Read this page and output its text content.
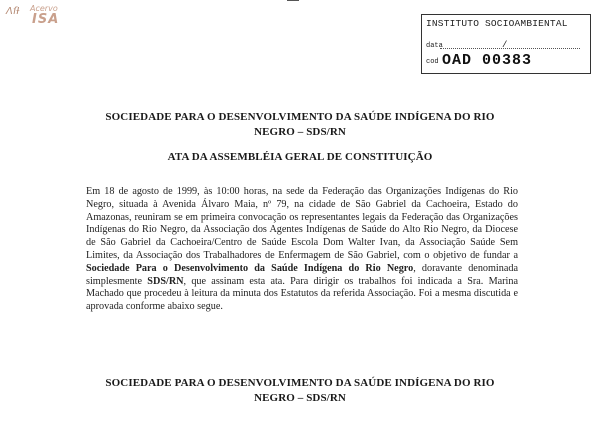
ɅſƗ Acervo
ISA	INSTITUTO SOCIOAMBIENTAL
data	/
cod OAD 00383
SOCIEDADE PARA O DESENVOLVIMENTO DA SAÚDE INDÍGENA DO RIO
NEGRO – SDS/RN
ATA DA ASSEMBLÉIA GERAL DE CONSTITUIÇÃO
Em 18 de agosto de 1999, às 10:00 horas, na sede da Federação das Organizações Indígenas do Rio Negro, situada à Avenida Álvaro Maia, nº 79, na cidade de São Gabriel da Cachoeira, Estado do Amazonas, reuniram se em primeira convocação os representantes legais da Federação das Organizações Indígenas do Rio Negro, da Associação dos Agentes Indígenas de Saúde do Alto Rio Negro, da Diocese de São Gabriel da Cachoeira/Centro de Saúde Escola Dom Walter Ivan, da Associação Saúde Sem Limites, da Associação dos Trabalhadores de Enfermagem de São Gabriel, com o objetivo de fundar a Sociedade Para o Desenvolvimento da Saúde Indígena do Rio Negro, doravante denominada simplesmente SDS/RN, que assinam esta ata. Para dirigir os trabalhos foi indicada a Sra. Marina Machado que procedeu à leitura da minuta dos Estatutos da referida Associação. Foi a mesma discutida e aprovada conforme abaixo segue.
SOCIEDADE PARA O DESENVOLVIMENTO DA SAÚDE INDÍGENA DO RIO
NEGRO – SDS/RN
